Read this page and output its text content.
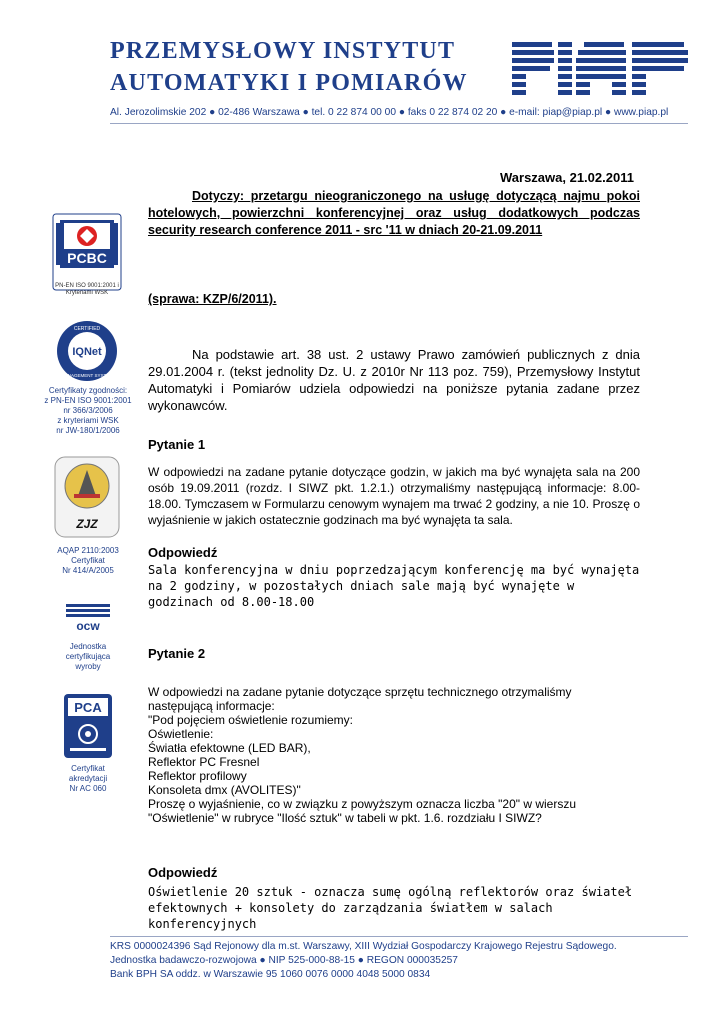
PRZEMYSŁOWY INSTYTUT
AUTOMATYKI I POMIARÓW
Al. Jerozolimskie 202 ● 02-486 Warszawa ● tel. 0 22 874 00 00 ● faks 0 22 874 02 20 ● e-mail: piap@piap.pl ● www.piap.pl
PCBC
PN-EN ISO 9001:2001 i Kryteriami WSK
IQNet
CERTIFIED
MANAGEMENT SYSTEM
Certyfikaty zgodności:
z PN-EN ISO 9001:2001
nr 366/3/2006
z kryteriami WSK
nr JW-180/1/2006
ZJZ
AQAP 2110:2003
Certyfikat
Nr 414/A/2005
ocw
Jednostka
certyfikująca
wyroby
PCA
Certyfikat
akredytacji
Nr AC 060
Warszawa, 21.02.2011
Dotyczy: przetargu nieograniczonego na usługę dotyczącą najmu pokoi hotelowych, powierzchni konferencyjnej oraz usług dodatkowych podczas security research conference 2011 - src '11 w dniach 20-21.09.2011
(sprawa: KZP/6/2011).
Na podstawie art. 38 ust. 2 ustawy Prawo zamówień publicznych z dnia 29.01.2004 r. (tekst jednolity Dz. U. z 2010r Nr 113 poz. 759), Przemysłowy Instytut Automatyki i Pomiarów udziela odpowiedzi na poniższe pytania zadane przez wykonawców.
Pytanie 1
W odpowiedzi na zadane pytanie dotyczące godzin, w jakich ma być wynajęta sala na 200 osób 19.09.2011 (rozdz. I SIWZ pkt. 1.2.1.) otrzymaliśmy następującą informacje: 8.00-18.00. Tymczasem w Formularzu cenowym wynajem ma trwać 2 godziny, a nie 10. Proszę o wyjaśnienie w jakich ostatecznie godzinach ma być wynajęta ta sala.
Odpowiedź
Sala konferencyjna w dniu poprzedzającym konferencję ma być wynajęta na 2 godziny, w pozostałych dniach sale mają być wynajęte w godzinach od 8.00-18.00
Pytanie 2
W odpowiedzi na zadane pytanie dotyczące sprzętu technicznego otrzymaliśmy
następującą informacje:
"Pod pojęciem oświetlenie rozumiemy:
Oświetlenie:
Światła efektowne (LED BAR),
Reflektor PC Fresnel
Reflektor profilowy
Konsoleta dmx (AVOLITES)"
Proszę o wyjaśnienie, co w związku z powyższym oznacza liczba "20" w wierszu
"Oświetlenie" w rubryce "Ilość sztuk" w tabeli w pkt. 1.6. rozdziału I SIWZ?
Odpowiedź
Oświetlenie 20 sztuk - oznacza sumę ogólną reflektorów oraz świateł efektownych + konsolety do zarządzania światłem w salach konferencyjnych
KRS 0000024396 Sąd Rejonowy dla m.st. Warszawy, XIII Wydział Gospodarczy Krajowego Rejestru Sądowego.
Jednostka badawczo-rozwojowa ● NIP 525-000-88-15 ● REGON 000035257
Bank BPH SA oddz. w Warszawie 95 1060 0076 0000 4048 5000 0834
